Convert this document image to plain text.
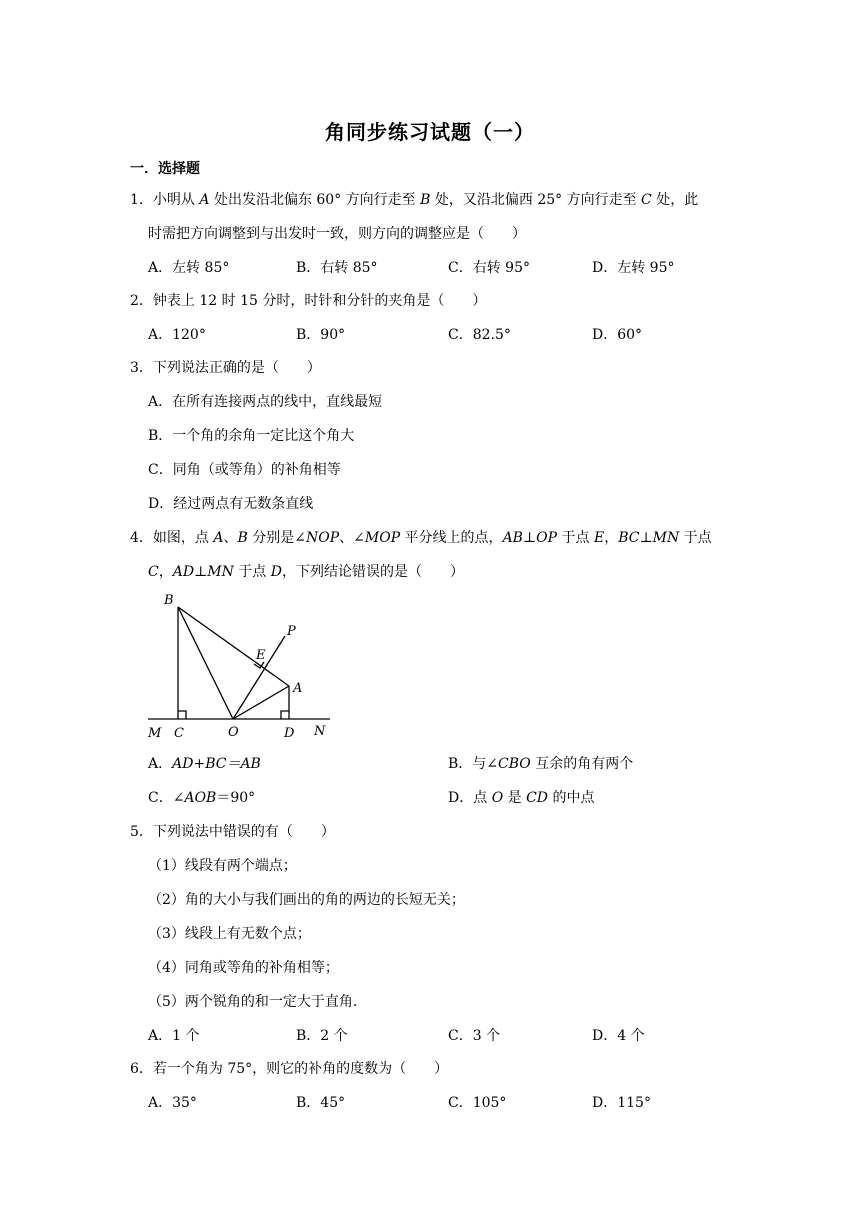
角同步练习试题（一）
一．选择题
1．小明从 A 处出发沿北偏东 60° 方向行走至 B 处，又沿北偏西 25° 方向行走至 C 处，此
时需把方向调整到与出发时一致，则方向的调整应是（　　）
A．左转 85°	B．右转 85°	C．右转 95°	D．左转 95°
2．钟表上 12 时 15 分时，时针和分针的夹角是（　　）
A．120°	B．90°	C．82.5°	D．60°
3．下列说法正确的是（　　）
A．在所有连接两点的线中，直线最短
B．一个角的余角一定比这个角大
C．同角（或等角）的补角相等
D．经过两点有无数条直线
4．如图，点 A、B 分别是∠NOP、∠MOP 平分线上的点，AB⊥OP 于点 E，BC⊥MN 于点
C，AD⊥MN 于点 D，下列结论错误的是（　　）
B
P
E
A
M C	O	D N
A．AD+BC＝AB	B．与∠CBO 互余的角有两个
C．∠AOB＝90°	D．点 O 是 CD 的中点
5．下列说法中错误的有（　　）
（1）线段有两个端点；
（2）角的大小与我们画出的角的两边的长短无关；
（3）线段上有无数个点；
（4）同角或等角的补角相等；
（5）两个锐角的和一定大于直角.
A．1 个	B．2 个	C．3 个	D．4 个
6．若一个角为 75°，则它的补角的度数为（　　）
A．35°	B．45°	C．105°	D．115°
